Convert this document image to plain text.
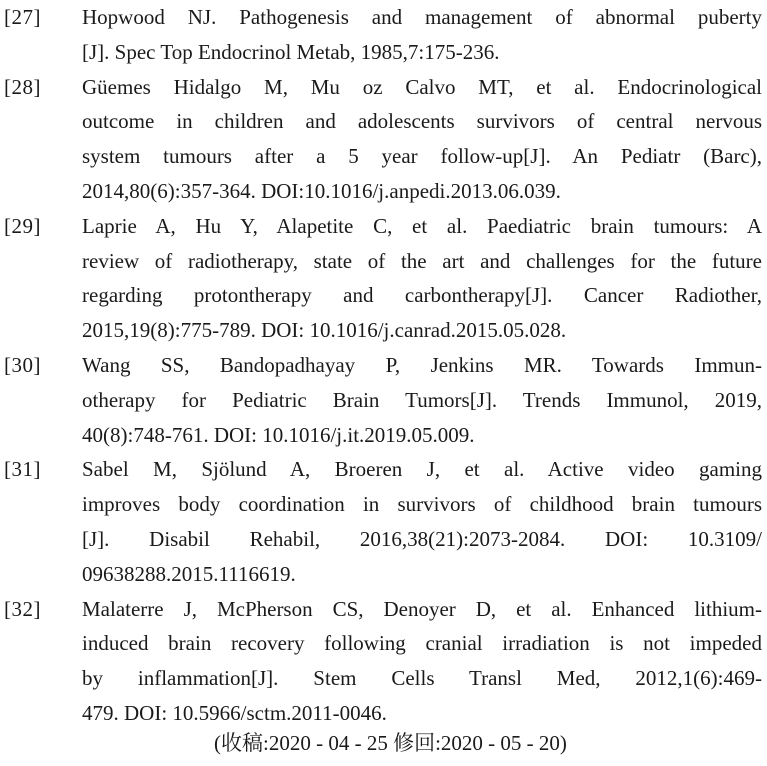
[27]	Hopwood NJ. Pathogenesis and management of abnormal puberty
[J]. Spec Top Endocrinol Metab, 1985,7:175-236.
[28]	Güemes Hidalgo M, Mu oz Calvo MT, et al. Endocrinological
outcome in children and adolescents survivors of central nervous
system tumours after a 5 year follow-up[J]. An Pediatr (Barc),
2014,80(6):357-364. DOI:10.1016/j.anpedi.2013.06.039.
[29]	Laprie A, Hu Y, Alapetite C, et al. Paediatric brain tumours: A
review of radiotherapy, state of the art and challenges for the future
regarding protontherapy and carbontherapy[J]. Cancer Radiother,
2015,19(8):775-789. DOI: 10.1016/j.canrad.2015.05.028.
[30]	Wang SS, Bandopadhayay P, Jenkins MR. Towards Immun-
otherapy for Pediatric Brain Tumors[J]. Trends Immunol, 2019,
40(8):748-761. DOI: 10.1016/j.it.2019.05.009.
[31]	Sabel M, Sjölund A, Broeren J, et al. Active video gaming
improves body coordination in survivors of childhood brain tumours
[J]. Disabil Rehabil, 2016,38(21):2073-2084. DOI: 10.3109/
09638288.2015.1116619.
[32]	Malaterre J, McPherson CS, Denoyer D, et al. Enhanced lithium-
induced brain recovery following cranial irradiation is not impeded
by inflammation[J]. Stem Cells Transl Med, 2012,1(6):469-
479. DOI: 10.5966/sctm.2011-0046.
(收稿:2020 - 04 - 25 修回:2020 - 05 - 20)
